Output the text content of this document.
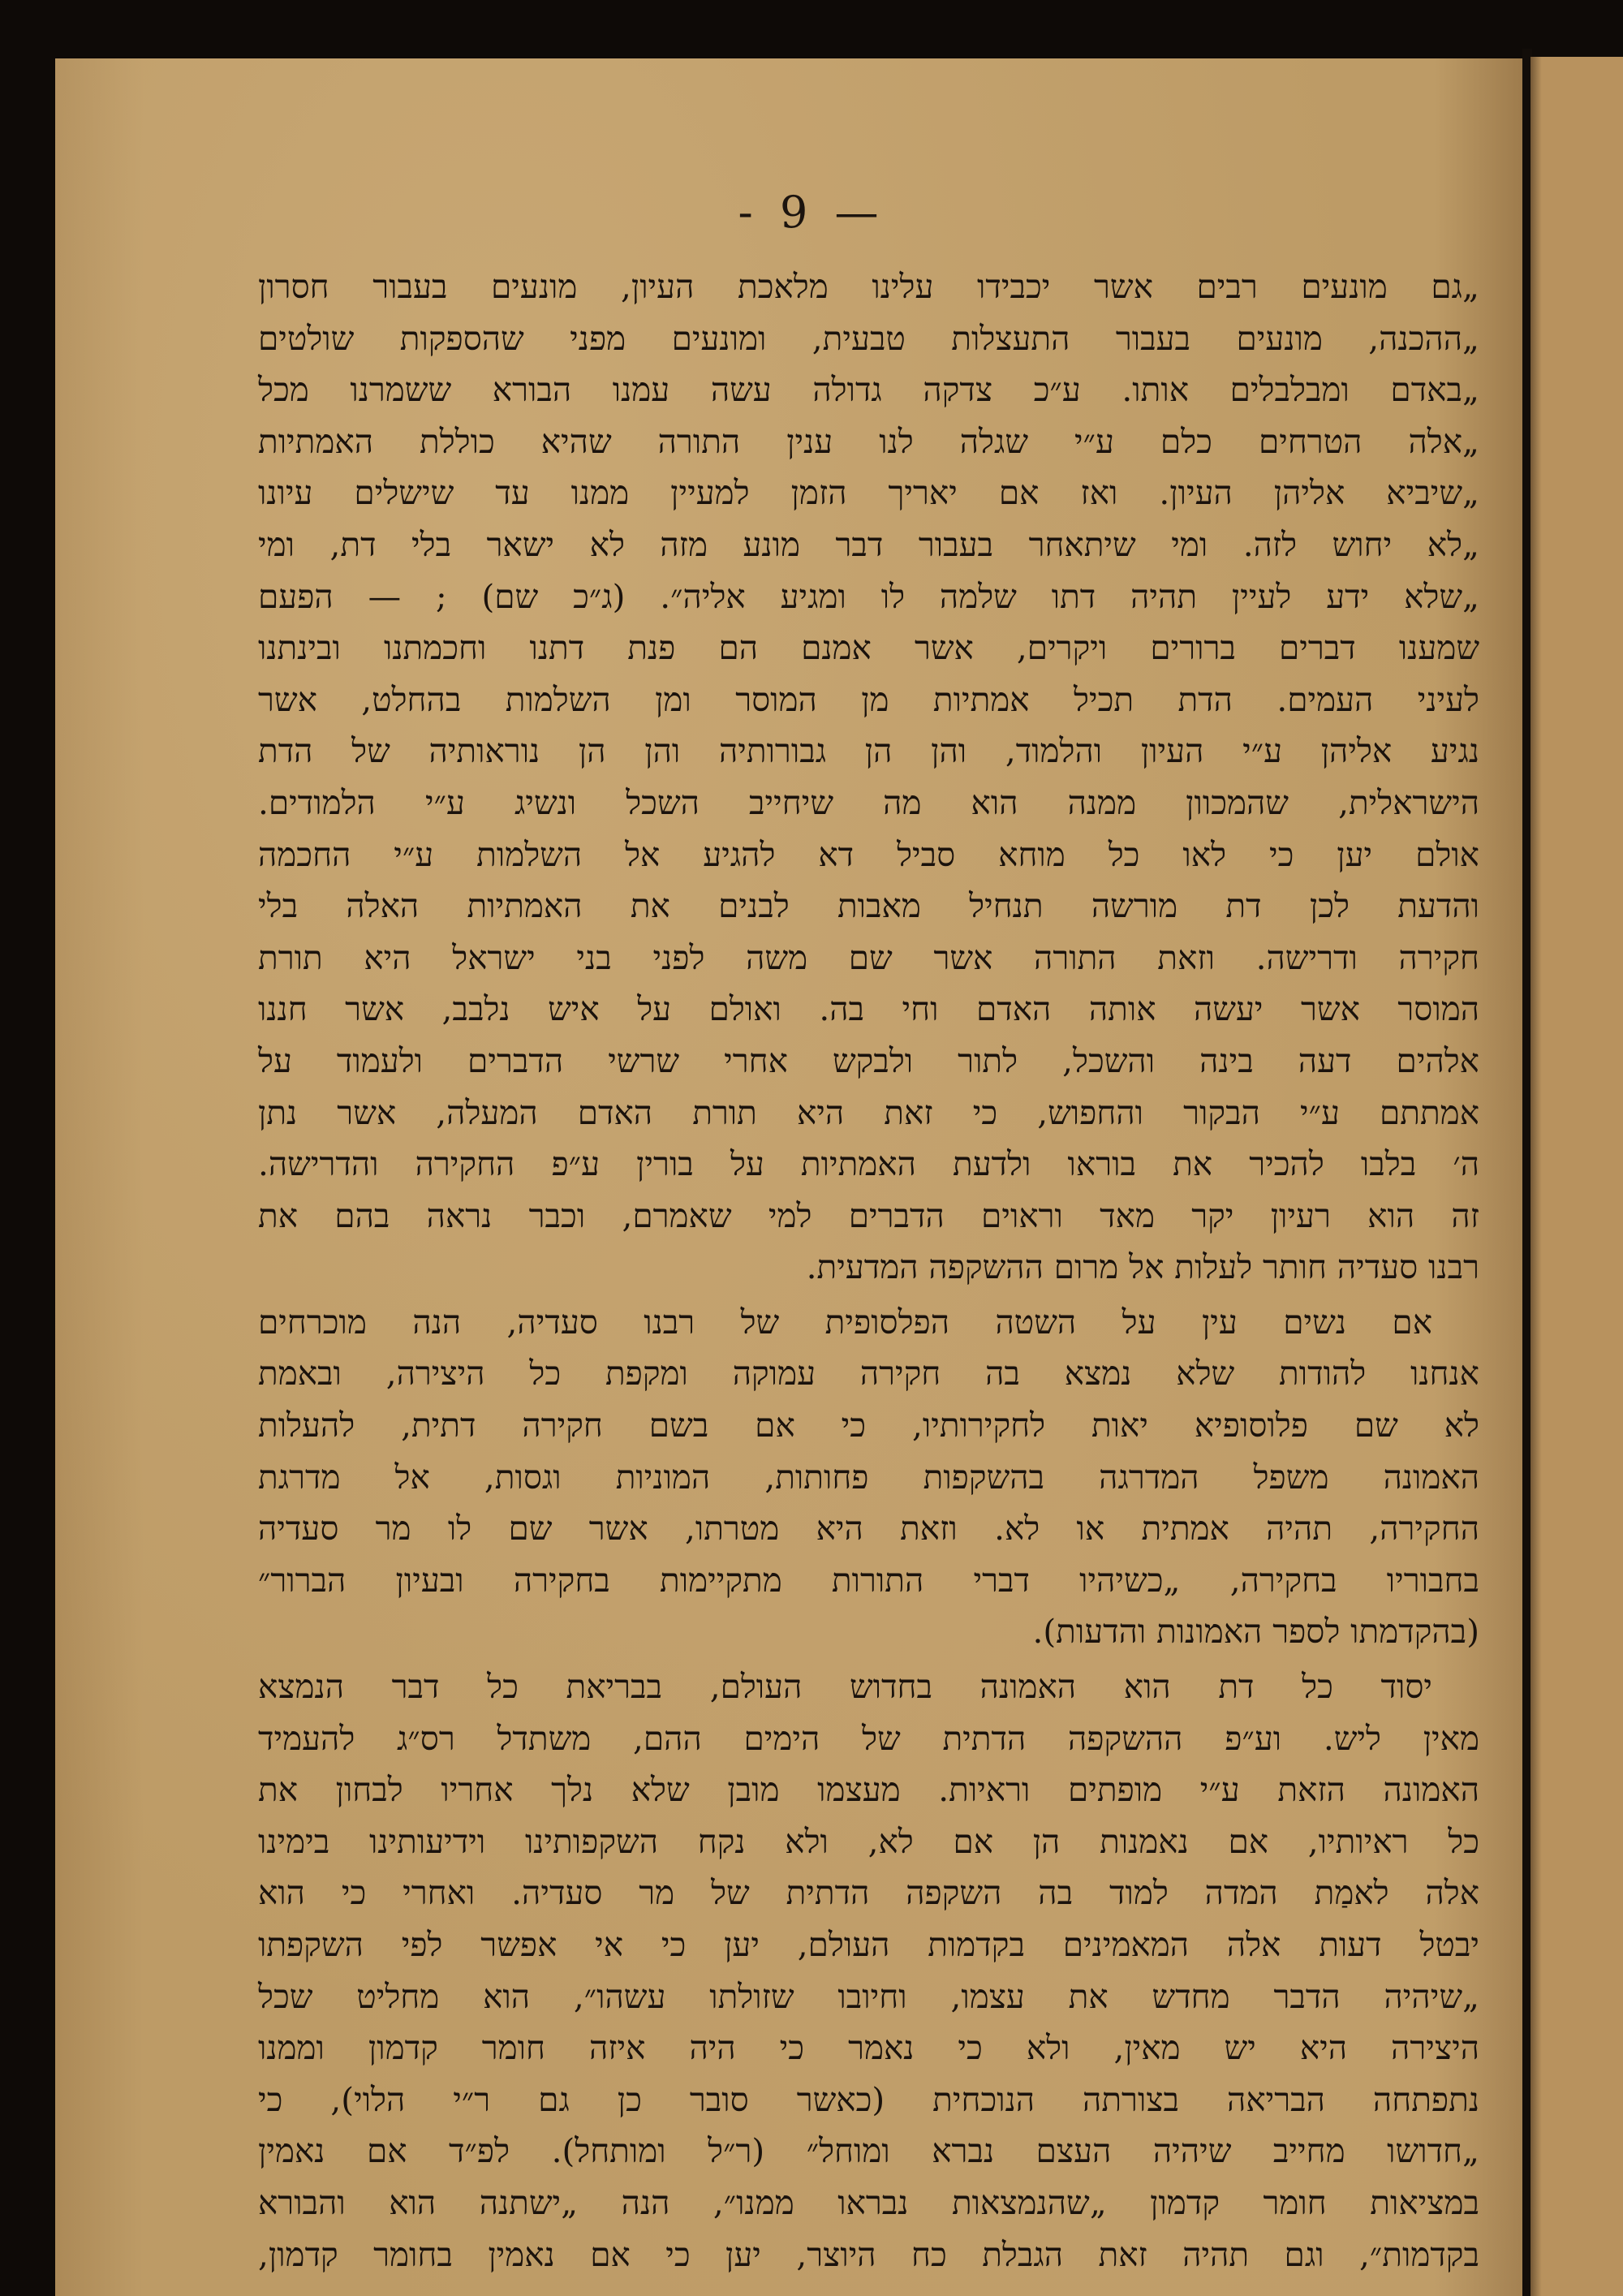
- 9 —
„גם מונעים רבים אשר יכבידו עלינו מלאכת העיון, מונעים בעבור חסרון
„ההכנה, מונעים בעבור התעצלות טבעית, ומונעים מפני שהספקות שולטים
„באדם ומבלבלים אותו. ע״כ צדקה גדולה עשה עמנו הבורא ששמרנו מכל
„אלה הטרחים כלם ע״י שגלה לנו ענין התורה שהיא כוללת האמתיות
„שיביא אליהן העיון. ואז אם יאריך הזמן למעיין ממנו עד שישלים עיונו
„לא יחוש לזה. ומי שיתאחר בעבור דבר מונע מזה לא ישאר בלי דת, ומי
„שלא ידע לעיין תהיה דתו שלמה לו ומגיע אליה״. (ג״כ שם) ; — הפעם
שמענו דברים ברורים ויקרים, אשר אמנם הם פנת דתנו וחכמתנו ובינתנו
לעיני העמים. הדת תכיל אמתיות מן המוסר ומן השלמות בהחלט, אשר
נגיע אליהן ע״י העיון והלמוד, והן הן גבורותיה והן הן נוראותיה של הדת
הישראלית, שהמכוון ממנה הוא מה שיחייב השכל ונשיג ע״י הלמודים.
אולם יען כי לאו כל מוחא סביל דא להגיע אל השלמות ע״י החכמה
והדעת לכן דת מורשה תנחיל מאבות לבנים את האמתיות האלה בלי
חקירה ודרישה. וזאת התורה אשר שם משה לפני בני ישראל היא תורת
המוסר אשר יעשה אותה האדם וחי בה. ואולם על איש נלבב, אשר חננו
אלהים דעה בינה והשכל, לתור ולבקש אחרי שרשי הדברים ולעמוד על
אמתתם ע״י הבקור והחפוש, כי זאת היא תורת האדם המעלה, אשר נתן
ה׳ בלבו להכיר את בוראו ולדעת האמתיות על בורין ע״פ החקירה והדרישה.
זה הוא רעיון יקר מאד וראוים הדברים למי שאמרם, וכבר נראה בהם את
רבנו סעדיה חותר לעלות אל מרום ההשקפה המדעית.
אם נשים עין על השטה הפלסופית של רבנו סעדיה, הנה מוכרחים
אנחנו להודות שלא נמצא בה חקירה עמוקה ומקפת כל היצירה, ובאמת
לא שם פלוסופיא יאות לחקירותיו, כי אם בשם חקירה דתית, להעלות
האמונה משפל המדרגה בהשקפות פחותות, המוניות וגסות, אל מדרגת
החקירה, תהיה אמתית או לא. וזאת היא מטרתו, אשר שם לו מר סעדיה
בחבוריו בחקירה, „כשיהיו דברי התורות מתקיימות בחקירה ובעיון הברור״
(בהקדמתו לספר האמונות והדעות).
יסוד כל דת הוא האמונה בחדוש העולם, בבריאת כל דבר הנמצא
מאין ליש. וע״פ ההשקפה הדתית של הימים ההם, משתדל רס״ג להעמיד
האמונה הזאת ע״י מופתים וראיות. מעצמו מובן שלא נלך אחריו לבחון את
כל ראיותיו, אם נאמנות הן אם לא, ולא נקח השקפותינו וידיעותינו בימינו
אלה לאמַת המדה למוד בה השקפה הדתית של מר סעדיה. ואחרי כי הוא
יבטל דעות אלה המאמינים בקדמות העולם, יען כי אי אפשר לפי השקפתו
„שיהיה הדבר מחדש את עצמו, וחיובו שזולתו עשהו״, הוא מחליט שכל
היצירה היא יש מאין, ולא כי נאמר כי היה איזה חומר קדמון וממנו
נתפתחה הבריאה בצורתה הנוכחית (כאשר סובר כן גם ר״י הלוי), כי
„חדושו מחייב שיהיה העצם נברא ומוחל״ (ר״ל ומותחל). לפ״ד אם נאמין
במציאות חומר קדמון „שהנמצאות נבראו ממנו״, הנה „ישתנה הוא והבורא
בקדמות״, וגם תהיה זאת הגבלת כח היוצר, יען כי אם נאמין בחומר קדמון,
